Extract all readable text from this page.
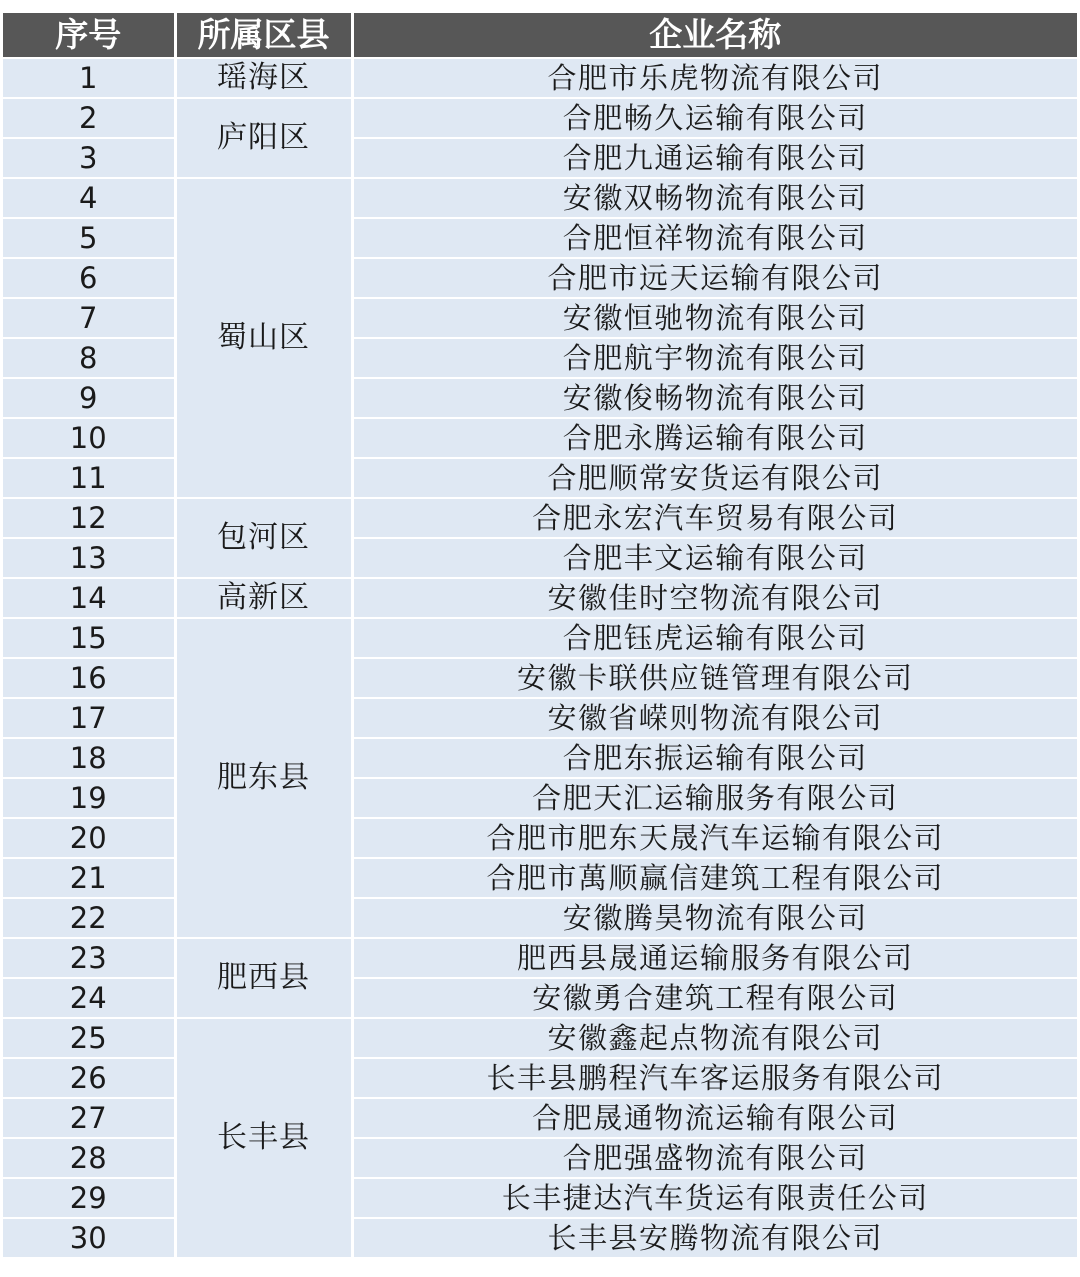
序号	所属区县	企业名称
1	瑶海区	合肥市乐虎物流有限公司
2	庐阳区	合肥畅久运输有限公司
3		合肥九通运输有限公司
4	蜀山区	安徽双畅物流有限公司
5		合肥恒祥物流有限公司
6		合肥市远天运输有限公司
7		安徽恒驰物流有限公司
8		合肥航宇物流有限公司
9		安徽俊畅物流有限公司
10		合肥永腾运输有限公司
11		合肥顺常安货运有限公司
12	包河区	合肥永宏汽车贸易有限公司
13		合肥丰文运输有限公司
14	高新区	安徽佳时空物流有限公司
15	肥东县	合肥钰虎运输有限公司
16		安徽卡联供应链管理有限公司
17		安徽省嵘则物流有限公司
18		合肥东振运输有限公司
19		合肥天汇运输服务有限公司
20		合肥市肥东天晟汽车运输有限公司
21		合肥市萬顺赢信建筑工程有限公司
22		安徽腾昊物流有限公司
23	肥西县	肥西县晟通运输服务有限公司
24		安徽勇合建筑工程有限公司
25	长丰县	安徽鑫起点物流有限公司
26		长丰县鹏程汽车客运服务有限公司
27		合肥晟通物流运输有限公司
28		合肥强盛物流有限公司
29		长丰捷达汽车货运有限责任公司
30		长丰县安腾物流有限公司
